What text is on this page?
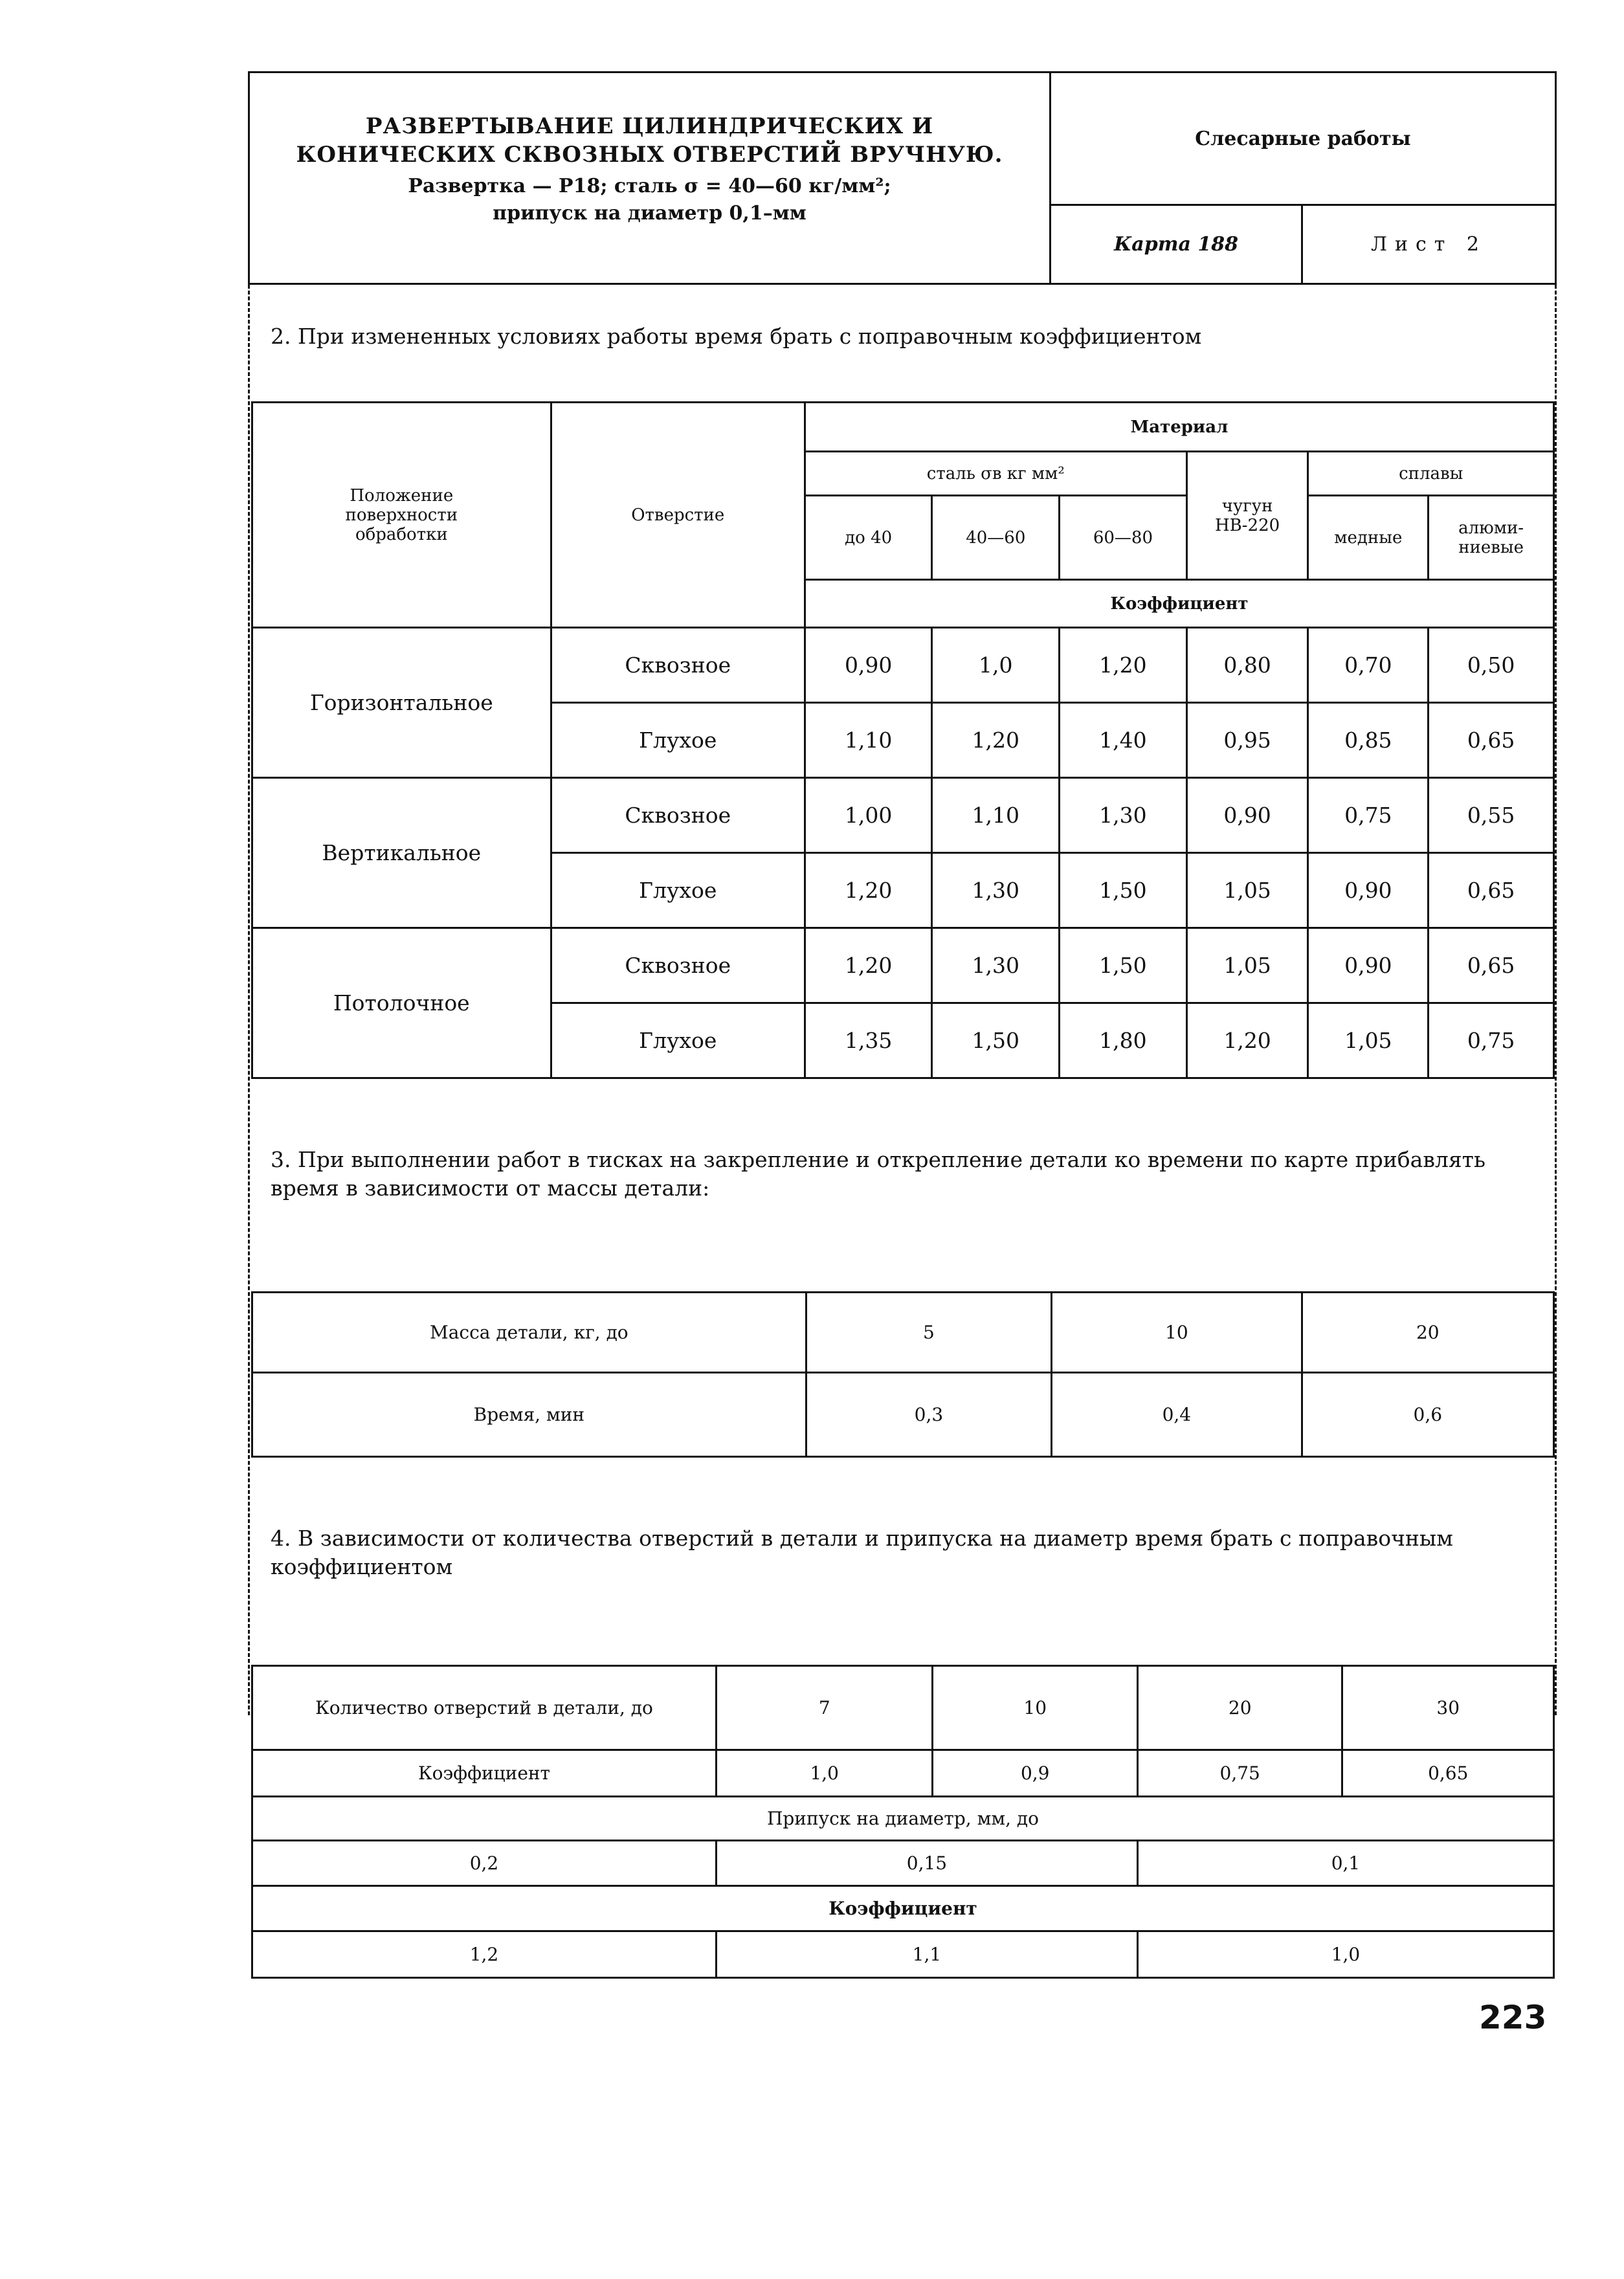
РАЗВЕРТЫВАНИЕ ЦИЛИНДРИЧЕСКИХ И КОНИЧЕСКИХ СКВОЗНЫХ ОТВЕРСТИЙ ВРУЧНУЮ.
Развертка — Р18; сталь σ = 40—60 кг/мм²;
припуск на диаметр 0,1–мм
Слесарные работы
Карта 188	Лист 2
2. При измененных условиях работы время брать с поправочным коэффициентом
Положение поверхности обработки	Отверстие	Материал					
		сталь σв кг мм²			чугун НВ-220	сплавы	
		до 40	40—60	60—80		медные	алюми-ниевые
		Коэффициент					
Горизонтальное	Сквозное	0,90	1,0	1,20	0,80	0,70	0,50
	Глухое	1,10	1,20	1,40	0,95	0,85	0,65
Вертикальное	Сквозное	1,00	1,10	1,30	0,90	0,75	0,55
	Глухое	1,20	1,30	1,50	1,05	0,90	0,65
Потолочное	Сквозное	1,20	1,30	1,50	1,05	0,90	0,65
	Глухое	1,35	1,50	1,80	1,20	1,05	0,75
3. При выполнении работ в тисках на закрепление и открепление детали ко времени по карте прибавлять время в зависимости от массы детали:
Масса детали, кг, до	5	10	20
Время, мин	0,3	0,4	0,6
4. В зависимости от количества отверстий в детали и припуска на диаметр время брать с поправочным коэффициентом
Количество отверстий в детали, до	7	10	20	30
Коэффициент	1,0	0,9	0,75	0,65
Припуск на диаметр, мм, до		
0,2	0,15	0,1
Коэффициент		
1,2	1,1	1,0
223
